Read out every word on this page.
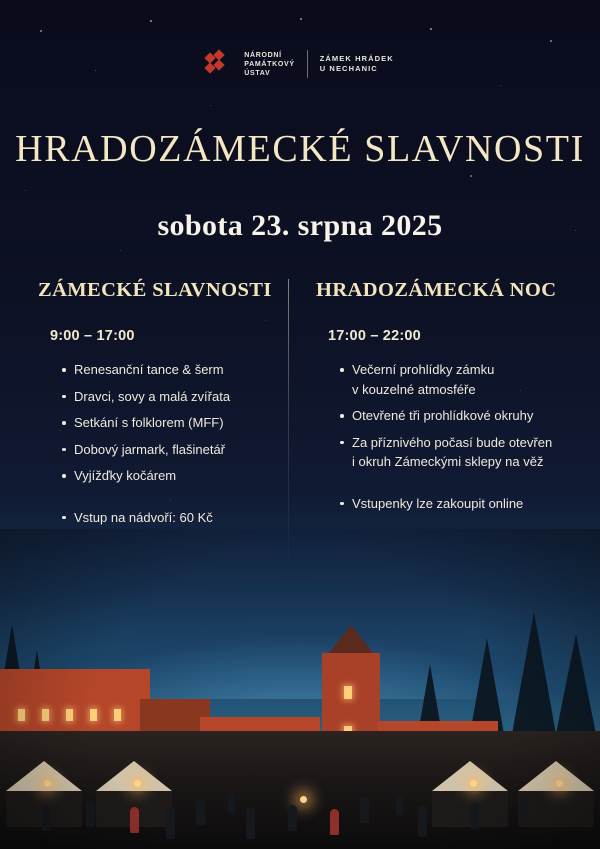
NÁRODNÍ
PAMÁTKOVÝ
ÚSTAV
ZÁMEK HRÁDEK
U NECHANIC
HRADOZÁMECKÉ SLAVNOSTI
sobota 23. srpna 2025
ZÁMECKÉ SLAVNOSTI
9:00 – 17:00
Renesanční tance & šerm
Dravci, sovy a malá zvířata
Setkání s folklorem (MFF)
Dobový jarmark, flašinetář
Vyjížďky kočárem
Vstup na nádvoří: 60 Kč
HRADOZÁMECKÁ NOC
17:00 – 22:00
Večerní prohlídky zámku
v kouzelné atmosféře
Otevřené tři prohlídkové okruhy
Za příznivého počasí bude otevřen
i okruh Zámeckými sklepy na věž
Vstupenky lze zakoupit online
